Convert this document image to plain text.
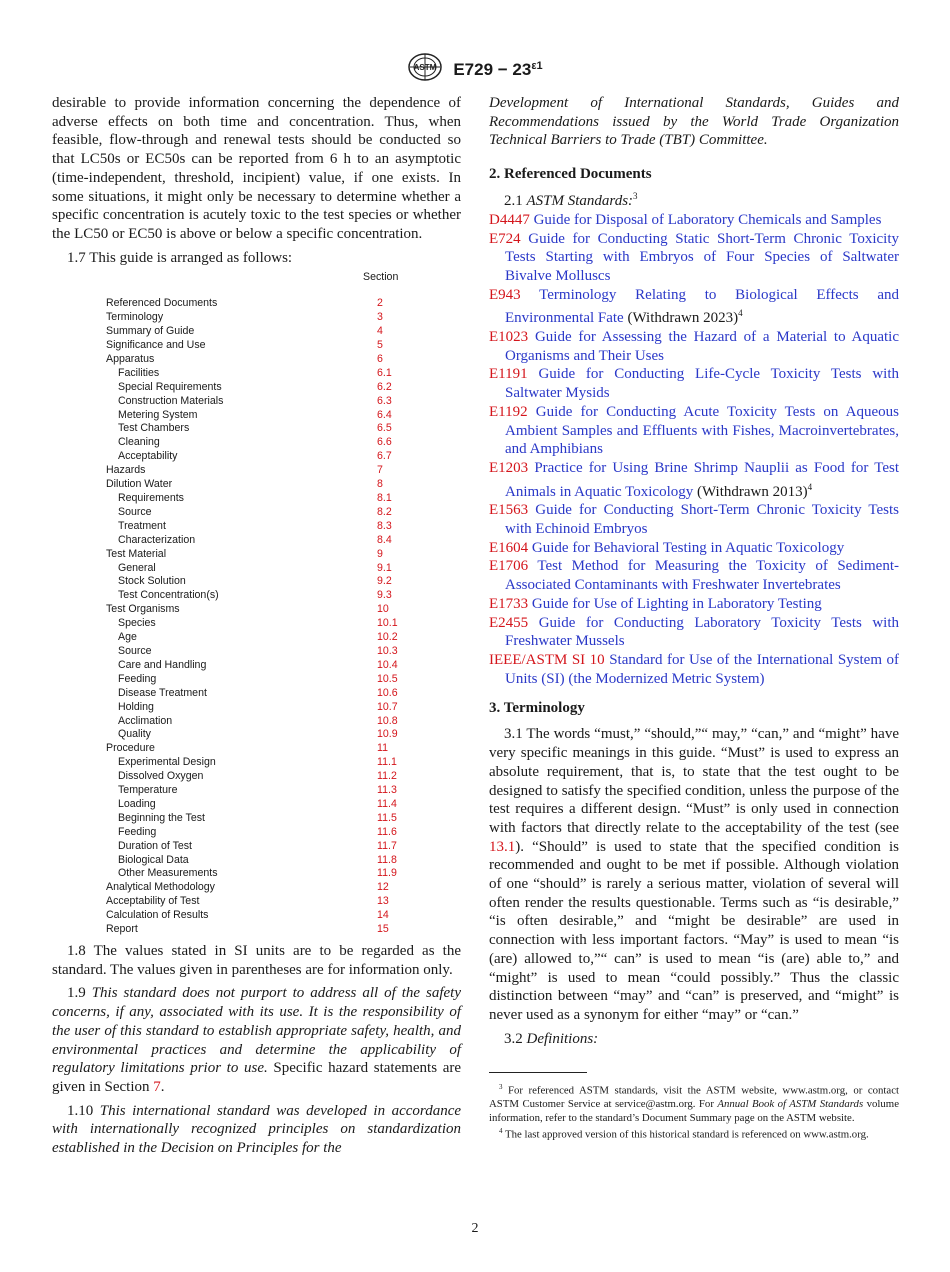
ASTM $E729 - 23^{\varepsilon 1}$

desirable to provide information concerning the dependence of adverse effects on both time and concentration. Thus, when feasible, flow-through and renewal tests should be conducted so that LC50s or EC50s can be reported from 6 h to an asymptotic (time-independent, threshold, incipient) value, if one exists. In some situations, it might only be necessary to determine whether a specific concentration is acutely toxic to the test species or whether the LC50 or EC50 is above or below a specific concentration.

1.7 This guide is arranged as follows:

Section
Referenced Documents	2
Terminology	3
Summary of Guide	4
Significance and Use	5
Apparatus	6
Facilities	6.1
Special Requirements	6.2
Construction Materials	6.3
Metering System	6.4
Test Chambers	6.5
Cleaning	6.6
Acceptability	6.7
Hazards	7
Dilution Water	8
Requirements	8.1
Source	8.2
Treatment	8.3
Characterization	8.4
Test Material	9
General	9.1
Stock Solution	9.2
Test Concentration(s)	9.3
Test Organisms	10
Species	10.1
Age	10.2
Source	10.3
Care and Handling	10.4
Feeding	10.5
Disease Treatment	10.6
Holding	10.7
Acclimation	10.8
Quality	10.9
Procedure	11
Experimental Design	11.1
Dissolved Oxygen	11.2
Temperature	11.3
Loading	11.4
Beginning the Test	11.5
Feeding	11.6
Duration of Test	11.7
Biological Data	11.8
Other Measurements	11.9
Analytical Methodology	12
Acceptability of Test	13
Calculation of Results	14
Report	15

1.8 The values stated in SI units are to be regarded as the standard. The values given in parentheses are for information only.

1.9 This standard does not purport to address all of the safety concerns, if any, associated with its use. It is the responsibility of the user of this standard to establish appropriate safety, health, and environmental practices and determine the applicability of regulatory limitations prior to use. Specific hazard statements are given in Section 7.

1.10 This international standard was developed in accordance with internationally recognized principles on standardization established in the Decision on Principles for the

Development of International Standards, Guides and Recommendations issued by the World Trade Organization Technical Barriers to Trade (TBT) Committee.

2. Referenced Documents

2.1 ASTM Standards:$^3$

D4447 Guide for Disposal of Laboratory Chemicals and Samples

E724 Guide for Conducting Static Short-Term Chronic Toxicity Tests Starting with Embryos of Four Species of Saltwater Bivalve Molluscs

E943 Terminology Relating to Biological Effects and Environmental Fate (Withdrawn 2023)$^4$

E1023 Guide for Assessing the Hazard of a Material to Aquatic Organisms and Their Uses

E1191 Guide for Conducting Life-Cycle Toxicity Tests with Saltwater Mysids

E1192 Guide for Conducting Acute Toxicity Tests on Aqueous Ambient Samples and Effluents with Fishes, Macroinvertebrates, and Amphibians

E1203 Practice for Using Brine Shrimp Nauplii as Food for Test Animals in Aquatic Toxicology (Withdrawn 2013)$^4$

E1563 Guide for Conducting Short-Term Chronic Toxicity Tests with Echinoid Embryos

E1604 Guide for Behavioral Testing in Aquatic Toxicology

E1706 Test Method for Measuring the Toxicity of Sediment-Associated Contaminants with Freshwater Invertebrates

E1733 Guide for Use of Lighting in Laboratory Testing

E2455 Guide for Conducting Laboratory Toxicity Tests with Freshwater Mussels

IEEE/ASTM SI 10 Standard for Use of the International System of Units (SI) (the Modernized Metric System)

3. Terminology

3.1 The words “must,” “should,”“ may,” “can,” and “might” have very specific meanings in this guide. “Must” is used to express an absolute requirement, that is, to state that the test ought to be designed to satisfy the specified condition, unless the purpose of the test requires a different design. “Must” is only used in connection with factors that directly relate to the acceptability of the test (see 13.1). “Should” is used to state that the specified condition is recommended and ought to be met if possible. Although violation of one “should” is rarely a serious matter, violation of several will often render the results questionable. Terms such as “is desirable,” “is often desirable,” and “might be desirable” are used in connection with less important factors. “May” is used to mean “is (are) allowed to,”“ can” is used to mean “is (are) able to,” and “might” is used to mean “could possibly.” Thus the classic distinction between “may” and “can” is preserved, and “might” is never used as a synonym for either “may” or “can.”

3.2 Definitions:

$^3$ For referenced ASTM standards, visit the ASTM website, www.astm.org, or contact ASTM Customer Service at service@astm.org. For Annual Book of ASTM Standards volume information, refer to the standard’s Document Summary page on the ASTM website.

$^4$ The last approved version of this historical standard is referenced on www.astm.org.

2
